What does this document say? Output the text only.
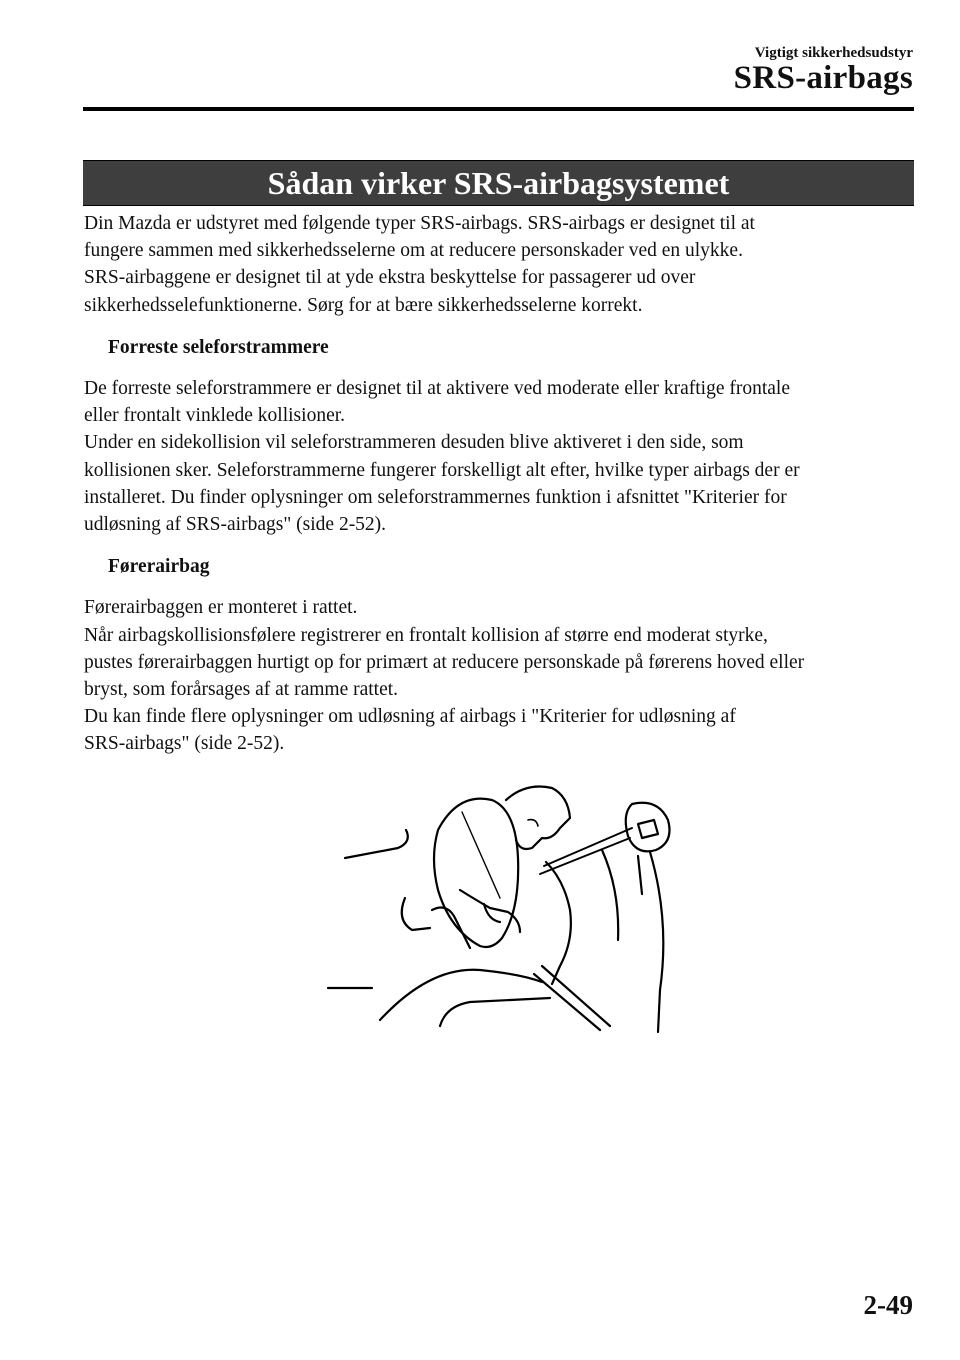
Vigtigt sikkerhedsudstyr
SRS-airbags
Sådan virker SRS-airbagsystemet

Din Mazda er udstyret med følgende typer SRS-airbags. SRS-airbags er designet til at

fungere sammen med sikkerhedsselerne om at reducere personskader ved en ulykke.

SRS-airbaggene er designet til at yde ekstra beskyttelse for passagerer ud over

sikkerhedsselefunktionerne. Sørg for at bære sikkerhedsselerne korrekt.

Forreste seleforstrammere

De forreste seleforstrammere er designet til at aktivere ved moderate eller kraftige frontale

eller frontalt vinklede kollisioner.

Under en sidekollision vil seleforstrammeren desuden blive aktiveret i den side, som

kollisionen sker. Seleforstrammerne fungerer forskelligt alt efter, hvilke typer airbags der er

installeret. Du finder oplysninger om seleforstrammernes funktion i afsnittet "Kriterier for

udløsning af SRS-airbags" (side 2-52).

Førerairbag

Førerairbaggen er monteret i rattet.

Når airbagskollisionsfølere registrerer en frontalt kollision af større end moderat styrke,

pustes førerairbaggen hurtigt op for primært at reducere personskade på førerens hoved eller

bryst, som forårsages af at ramme rattet.

Du kan finde flere oplysninger om udløsning af airbags i "Kriterier for udløsning af

SRS-airbags" (side 2-52).

2-49
